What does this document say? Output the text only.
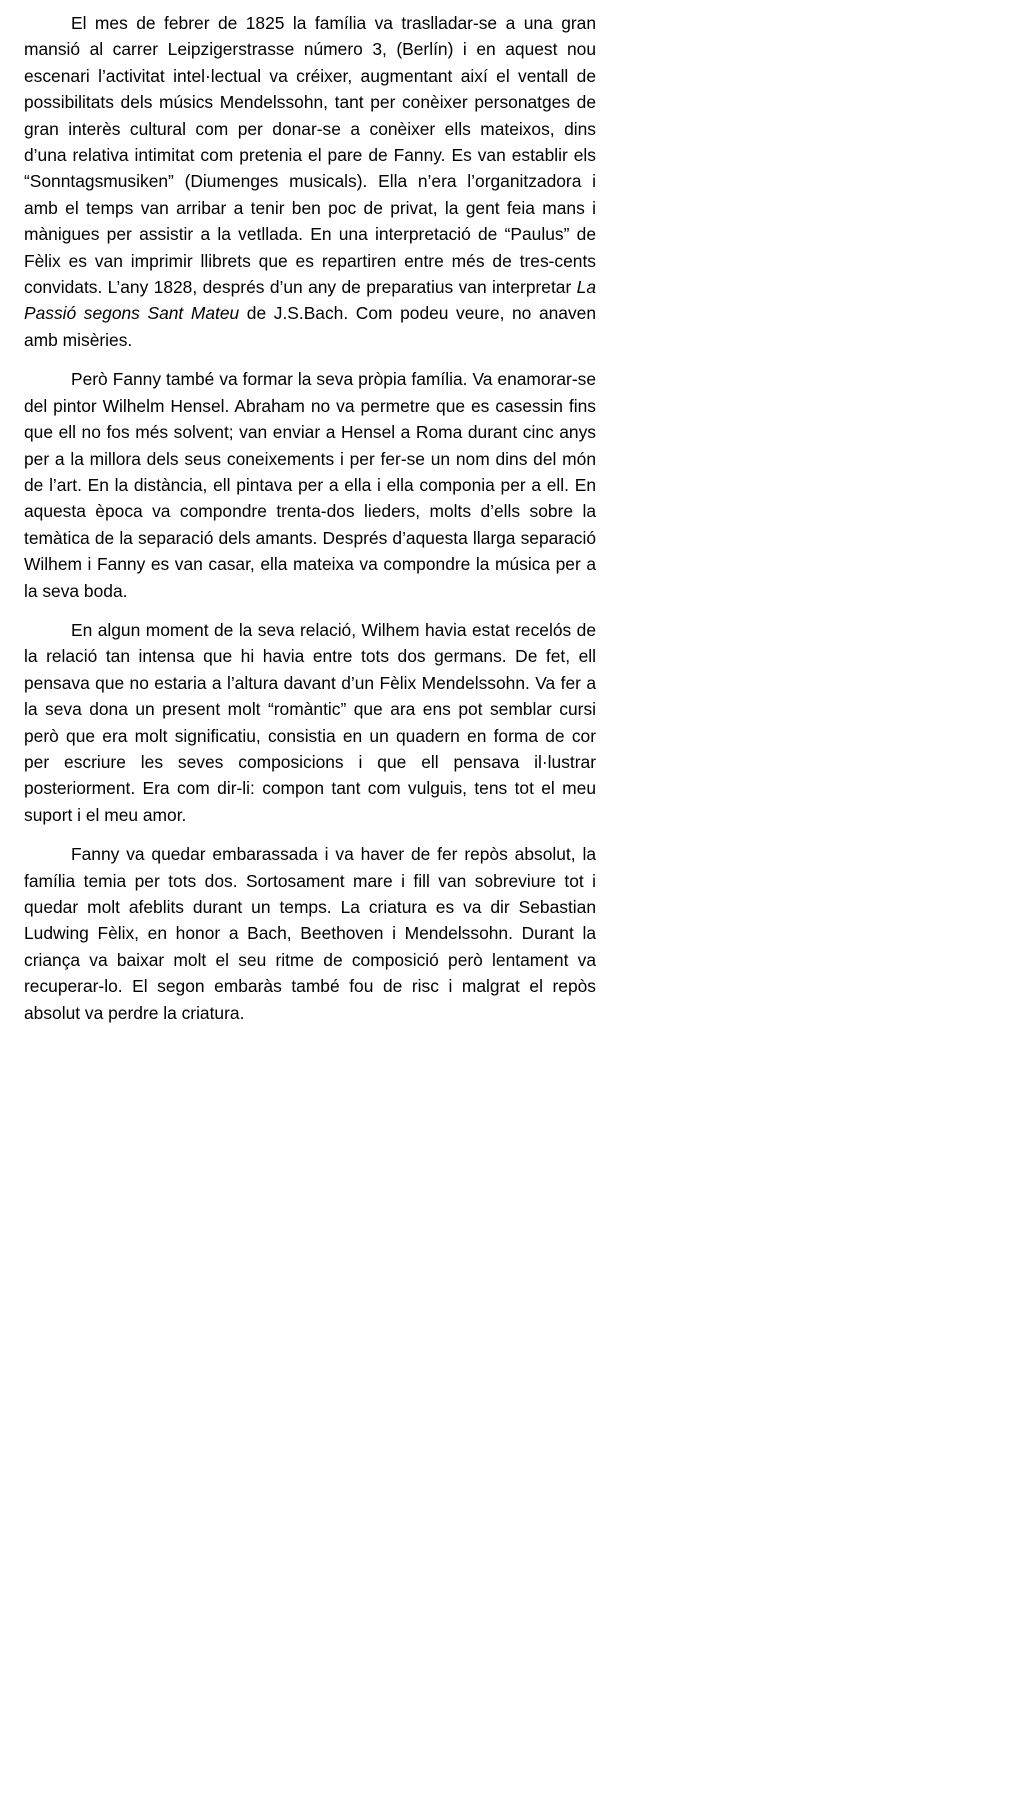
El mes de febrer de 1825 la família va traslladar-se a una gran mansió al carrer Leipzigerstrasse número 3, (Berlín) i en aquest nou escenari l’activitat intel·lectual va créixer, augmentant així el ventall de possibilitats dels músics Mendelssohn, tant per conèixer personatges de gran interès cultural com per donar-se a conèixer ells mateixos, dins d’una relativa intimitat com pretenia el pare de Fanny. Es van establir els “Sonntagsmusiken” (Diumenges musicals). Ella n’era l’organitzadora i amb el temps van arribar a tenir ben poc de privat, la gent feia mans i mànigues per assistir a la vetllada. En una interpretació de “Paulus” de Fèlix es van imprimir llibrets que es repartiren entre més de tres-cents convidats. L’any 1828, després d’un any de preparatius van interpretar La Passió segons Sant Mateu de J.S.Bach. Com podeu veure, no anaven amb misèries.

Però Fanny també va formar la seva pròpia família. Va enamorar-se del pintor Wilhelm Hensel. Abraham no va permetre que es casessin fins que ell no fos més solvent; van enviar a Hensel a Roma durant cinc anys per a la millora dels seus coneixements i per fer-se un nom dins del món de l’art. En la distància, ell pintava per a ella i ella componia per a ell. En aquesta època va compondre trenta-dos lieders, molts d’ells sobre la temàtica de la separació dels amants. Després d’aquesta llarga separació Wilhem i Fanny es van casar, ella mateixa va compondre la música per a la seva boda.

En algun moment de la seva relació, Wilhem havia estat recelós de la relació tan intensa que hi havia entre tots dos germans. De fet, ell pensava que no estaria a l’altura davant d’un Fèlix Mendelssohn. Va fer a la seva dona un present molt “romàntic” que ara ens pot semblar cursi però que era molt significatiu, consistia en un quadern en forma de cor per escriure les seves composicions i que ell pensava il·lustrar posteriorment. Era com dir-li: compon tant com vulguis, tens tot el meu suport i el meu amor.

Fanny va quedar embarassada i va haver de fer repòs absolut, la família temia per tots dos. Sortosament mare i fill van sobreviure tot i quedar molt afeblits durant un temps. La criatura es va dir Sebastian Ludwing Fèlix, en honor a Bach, Beethoven i Mendelssohn. Durant la criança va baixar molt el seu ritme de composició però lentament va recuperar-lo. El segon embaràs també fou de risc i malgrat el repòs absolut va perdre la criatura.
